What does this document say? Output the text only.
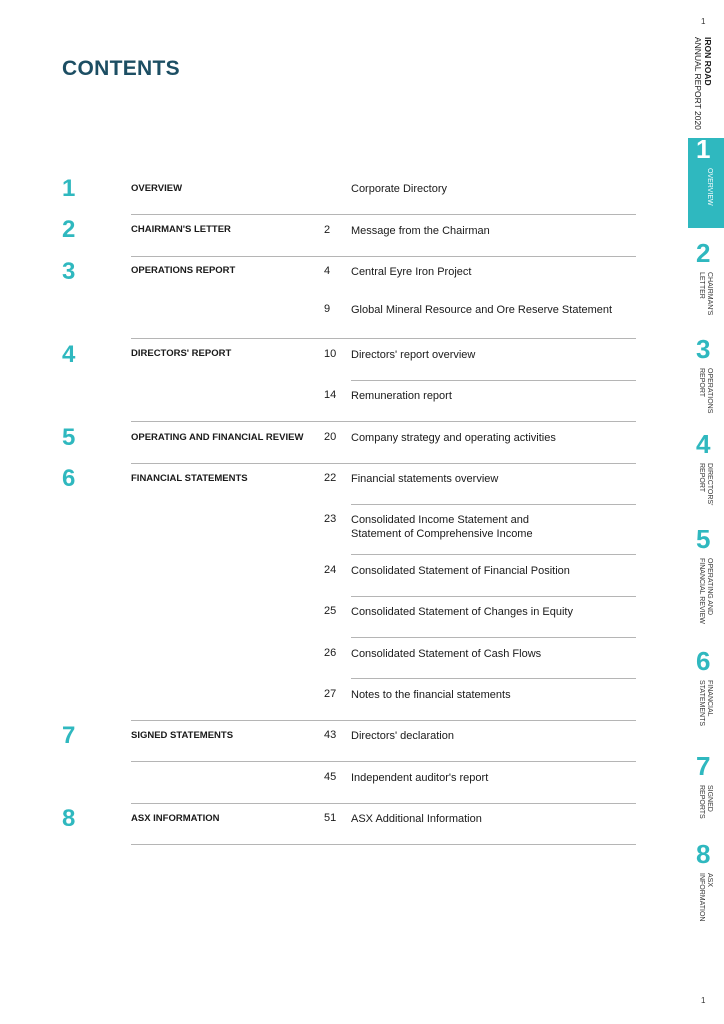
1
IRON ROAD
ANNUAL REPORT 2020
CONTENTS
1
OVERVIEW
2
CHAIRMAN'S
LETTER
3
OPERATIONS
REPORT
4
DIRECTORS'
REPORT
5
OPERATING AND
FINANCIAL REVIEW
6
FINANCIAL
STATEMENTS
7
SIGNED
REPORTS
8
ASX
INFORMATION
1
2
3
4
5
6
7
8
OVERVIEW
CHAIRMAN'S LETTER
OPERATIONS REPORT
DIRECTORS' REPORT
OPERATING AND FINANCIAL REVIEW
FINANCIAL STATEMENTS
SIGNED STATEMENTS
ASX INFORMATION
2
4
9
10
14
20
22
23
24
25
26
27
43
45
51
Corporate Directory
Message from the Chairman
Central Eyre Iron Project
Global Mineral Resource and Ore Reserve Statement
Directors' report overview
Remuneration report
Company strategy and operating activities
Financial statements overview
Consolidated Income Statement and
Statement of Comprehensive Income
Consolidated Statement of Financial Position
Consolidated Statement of Changes in Equity
Consolidated Statement of Cash Flows
Notes to the financial statements
Directors' declaration
Independent auditor's report
ASX Additional Information
1
